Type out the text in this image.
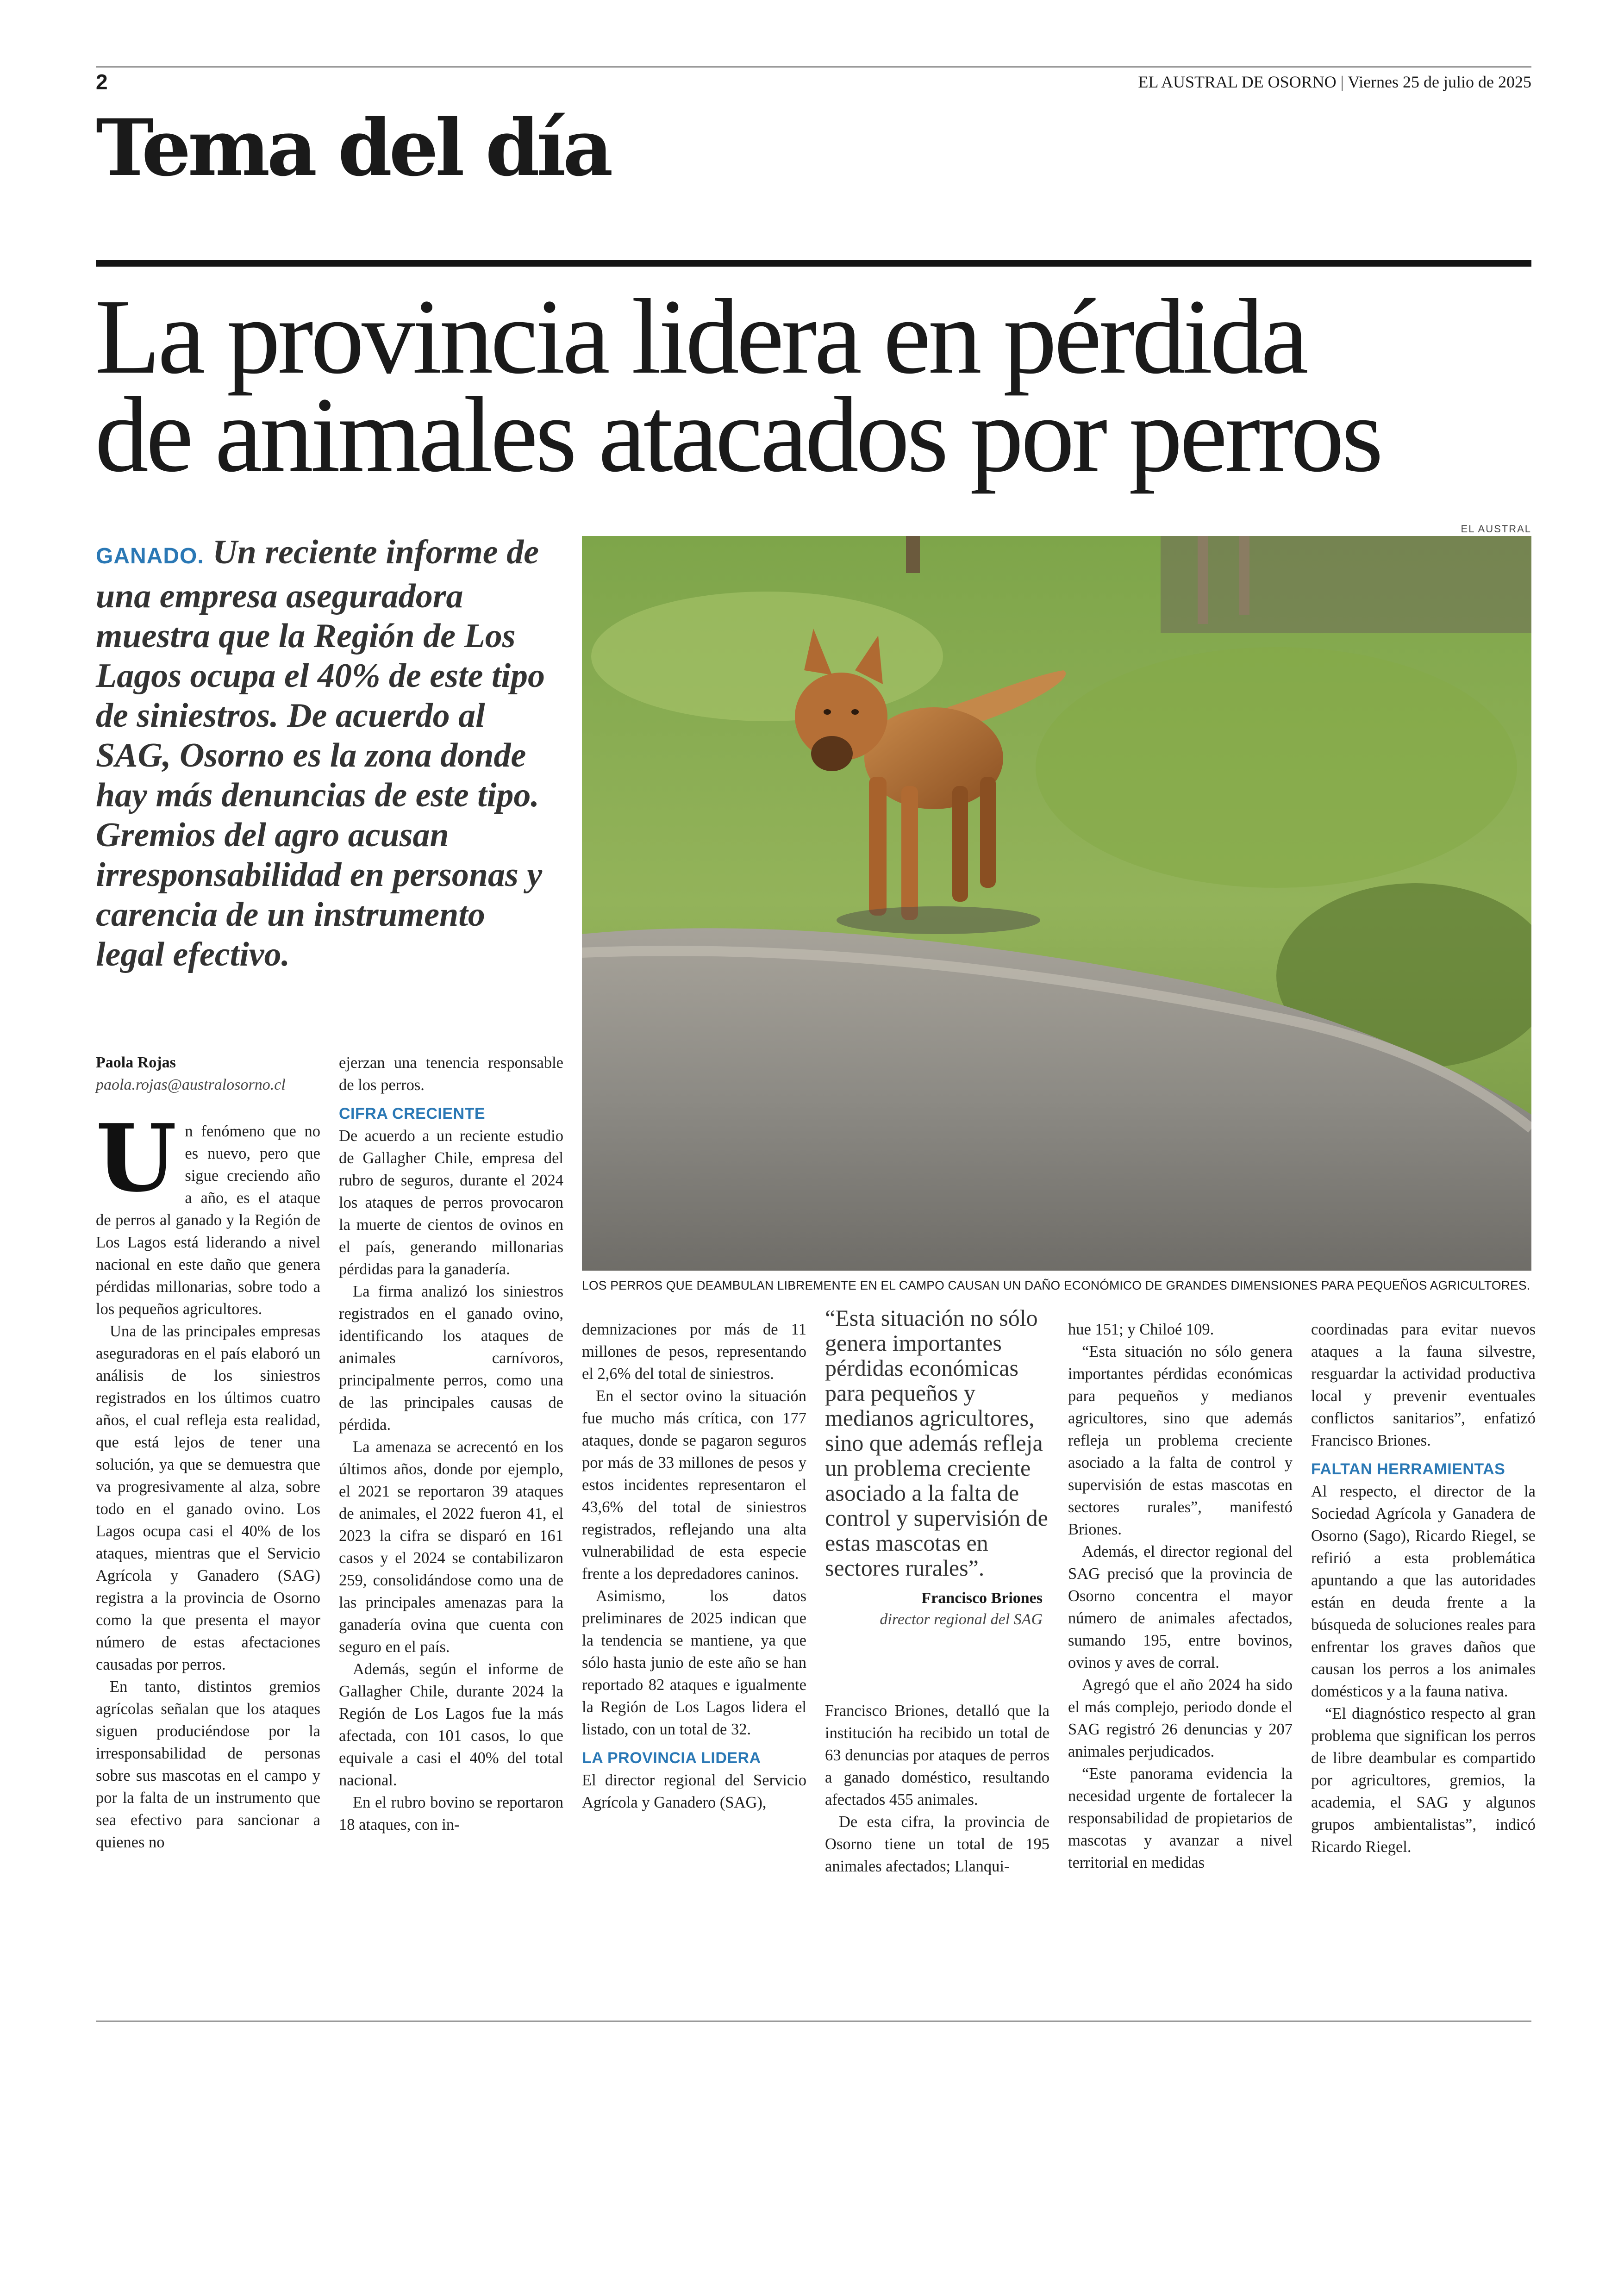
2	EL AUSTRAL DE OSORNO | Viernes 25 de julio de 2025
Tema del día
La provincia lidera en pérdida
de animales atacados por perros
GANADO. Un reciente informe de una empresa aseguradora muestra que la Región de Los Lagos ocupa el 40% de este tipo de siniestros. De acuerdo al SAG, Osorno es la zona donde hay más denuncias de este tipo. Gremios del agro acusan irresponsabilidad en personas y carencia de un instrumento legal efectivo.
EL AUSTRAL
LOS PERROS QUE DEAMBULAN LIBREMENTE EN EL CAMPO CAUSAN UN DAÑO ECONÓMICO DE GRANDES DIMENSIONES PARA PEQUEÑOS AGRICULTORES.
Paola Rojas
paola.rojas@australosorno.cl

Un fenómeno que no es nuevo, pero que sigue creciendo año a año, es el ataque de perros al ganado y la Región de Los Lagos está liderando a nivel nacional en este daño que genera pérdidas millonarias, sobre todo a los pequeños agricultores.

Una de las principales empresas aseguradoras en el país elaboró un análisis de los siniestros registrados en los últimos cuatro años, el cual refleja esta realidad, que está lejos de tener una solución, ya que se demuestra que va progresivamente al alza, sobre todo en el ganado ovino. Los Lagos ocupa casi el 40% de los ataques, mientras que el Servicio Agrícola y Ganadero (SAG) registra a la provincia de Osorno como la que presenta el mayor número de estas afectaciones causadas por perros.

En tanto, distintos gremios agrícolas señalan que los ataques siguen produciéndose por la irresponsabilidad de personas sobre sus mascotas en el campo y por la falta de un instrumento que sea efectivo para sancionar a quienes no

ejerzan una tenencia responsable de los perros.

CIFRA CRECIENTE

De acuerdo a un reciente estudio de Gallagher Chile, empresa del rubro de seguros, durante el 2024 los ataques de perros provocaron la muerte de cientos de ovinos en el país, generando millonarias pérdidas para la ganadería.

La firma analizó los siniestros registrados en el ganado ovino, identificando los ataques de animales carnívoros, principalmente perros, como una de las principales causas de pérdida.

La amenaza se acrecentó en los últimos años, donde por ejemplo, el 2021 se reportaron 39 ataques de animales, el 2022 fueron 41, el 2023 la cifra se disparó en 161 casos y el 2024 se contabilizaron 259, consolidándose como una de las principales amenazas para la ganadería ovina que cuenta con seguro en el país.

Además, según el informe de Gallagher Chile, durante 2024 la Región de Los Lagos fue la más afectada, con 101 casos, lo que equivale a casi el 40% del total nacional.

En el rubro bovino se reportaron 18 ataques, con in-

demnizaciones por más de 11 millones de pesos, representando el 2,6% del total de siniestros.

En el sector ovino la situación fue mucho más crítica, con 177 ataques, donde se pagaron seguros por más de 33 millones de pesos y estos incidentes representaron el 43,6% del total de siniestros registrados, reflejando una alta vulnerabilidad de esta especie frente a los depredadores caninos.

Asimismo, los datos preliminares de 2025 indican que la tendencia se mantiene, ya que sólo hasta junio de este año se han reportado 82 ataques e igualmente la Región de Los Lagos lidera el listado, con un total de 32.

LA PROVINCIA LIDERA

El director regional del Servicio Agrícola y Ganadero (SAG),

“Esta situación no sólo genera importantes pérdidas económicas para pequeños y medianos agricultores, sino que además refleja un problema creciente asociado a la falta de control y supervisión de estas mascotas en sectores rurales”.
Francisco Briones
director regional del SAG

Francisco Briones, detalló que la institución ha recibido un total de 63 denuncias por ataques de perros a ganado doméstico, resultando afectados 455 animales.

De esta cifra, la provincia de Osorno tiene un total de 195 animales afectados; Llanqui-

hue 151; y Chiloé 109.

“Esta situación no sólo genera importantes pérdidas económicas para pequeños y medianos agricultores, sino que además refleja un problema creciente asociado a la falta de control y supervisión de estas mascotas en sectores rurales”, manifestó Briones.

Además, el director regional del SAG precisó que la provincia de Osorno concentra el mayor número de animales afectados, sumando 195, entre bovinos, ovinos y aves de corral.

Agregó que el año 2024 ha sido el más complejo, periodo donde el SAG registró 26 denuncias y 207 animales perjudicados.

“Este panorama evidencia la necesidad urgente de fortalecer la responsabilidad de propietarios de mascotas y avanzar a nivel territorial en medidas

coordinadas para evitar nuevos ataques a la fauna silvestre, resguardar la actividad productiva local y prevenir eventuales conflictos sanitarios”, enfatizó Francisco Briones.

FALTAN HERRAMIENTAS

Al respecto, el director de la Sociedad Agrícola y Ganadera de Osorno (Sago), Ricardo Riegel, se refirió a esta problemática apuntando a que las autoridades están en deuda frente a la búsqueda de soluciones reales para enfrentar los graves daños que causan los perros a los animales domésticos y a la fauna nativa.

“El diagnóstico respecto al gran problema que significan los perros de libre deambular es compartido por agricultores, gremios, la academia, el SAG y algunos grupos ambientalistas”, indicó Ricardo Riegel.
